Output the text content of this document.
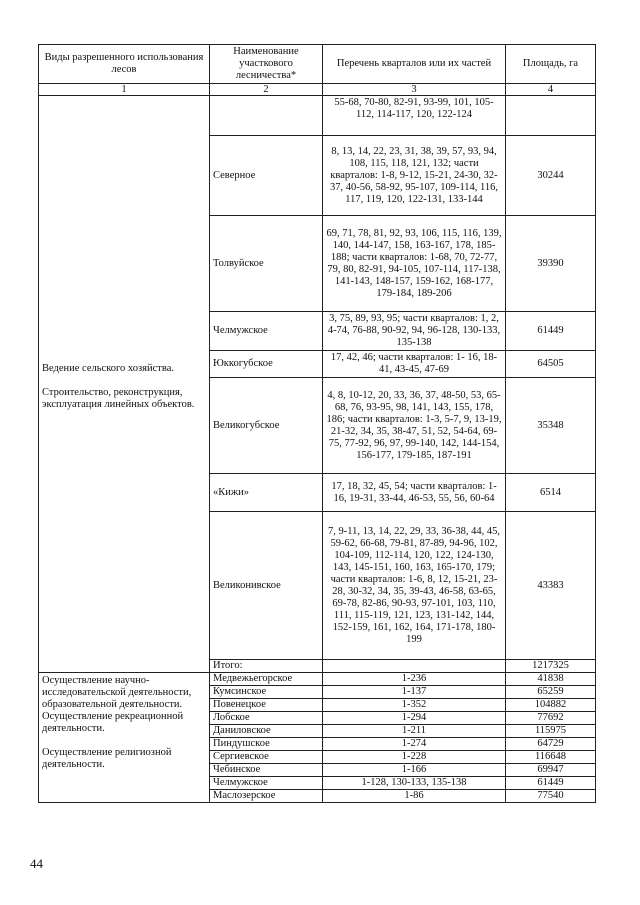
Виды разрешенного использования лесов	Наименование участкового лесничества*	Перечень кварталов или их частей	Площадь, га
1	2	3	4

Ведение сельского хозяйства.
Строительство, реконструкция, эксплуатация линейных объектов.		55-68, 70-80, 82-91, 93-99, 101, 105-112, 114-117, 120, 122-124	
	Северное	8, 13, 14, 22, 23, 31, 38, 39, 57, 93, 94, 108, 115, 118, 121, 132; части кварталов: 1-8, 9-12, 15-21, 24-30, 32-37, 40-56, 58-92, 95-107, 109-114, 116, 117, 119, 120, 122-131, 133-144	30244
	Толвуйское	69, 71, 78, 81, 92, 93, 106, 115, 116, 139, 140, 144-147, 158, 163-167, 178, 185-188; части кварталов: 1-68, 70, 72-77, 79, 80, 82-91, 94-105, 107-114, 117-138, 141-143, 148-157, 159-162, 168-177, 179-184, 189-206	39390
	Челмужское	3, 75, 89, 93, 95; части кварталов: 1, 2, 4-74, 76-88, 90-92, 94, 96-128, 130-133, 135-138	61449
	Юккогубское	17, 42, 46; части кварталов: 1- 16, 18-41, 43-45, 47-69	64505
	Великогубское	4, 8, 10-12, 20, 33, 36, 37, 48-50, 53, 65-68, 76, 93-95, 98, 141, 143, 155, 178, 186; части кварталов: 1-3, 5-7, 9, 13-19, 21-32, 34, 35, 38-47, 51, 52, 54-64, 69-75, 77-92, 96, 97, 99-140, 142, 144-154, 156-177, 179-185, 187-191	35348
	«Кижи»	17, 18, 32, 45, 54; части кварталов: 1-16, 19-31, 33-44, 46-53, 55, 56, 60-64	6514
	Великонивское	7, 9-11, 13, 14, 22, 29, 33, 36-38, 44, 45, 59-62, 66-68, 79-81, 87-89, 94-96, 102, 104-109, 112-114, 120, 122, 124-130, 143, 145-151, 160, 163, 165-170, 179; части кварталов: 1-6, 8, 12, 15-21, 23-28, 30-32, 34, 35, 39-43, 46-58, 63-65, 69-78, 82-86, 90-93, 97-101, 103, 110, 111, 115-119, 121, 123, 131-142, 144, 152-159, 161, 162, 164, 171-178, 180-199	43383
	Итого:		1217325

Осуществление научно-исследовательской деятельности, образовательной деятельности.
Осуществление рекреационной деятельности.
Осуществление религиозной деятельности.	Медвежьегорское	1-236	41838
	Кумсинское	1-137	65259
	Повенецкое	1-352	104882
	Лобское	1-294	77692
	Даниловское	1-211	115975
	Пиндушское	1-274	64729
	Сергиевское	1-228	116648
	Чебинское	1-166	69947
	Челмужское	1-128, 130-133, 135-138	61449
	Маслозерское	1-86	77540
44
